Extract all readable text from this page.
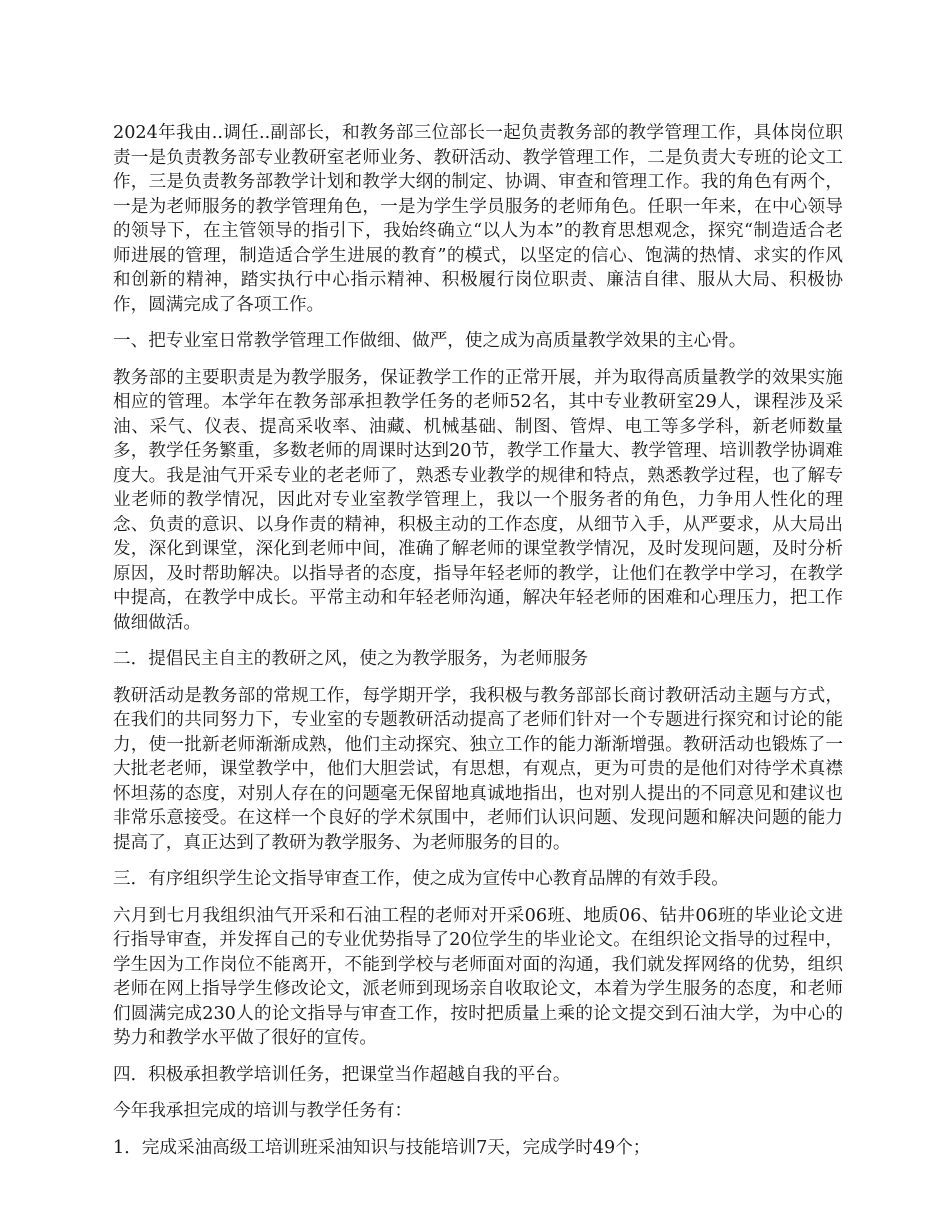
2024年我由..调任..副部长，和教务部三位部长一起负责教务部的教学管理工作，具体岗位职责一是负责教务部专业教研室老师业务、教研活动、教学管理工作，二是负责大专班的论文工作，三是负责教务部教学计划和教学大纲的制定、协调、审查和管理工作。我的角色有两个，一是为老师服务的教学管理角色，一是为学生学员服务的老师角色。任职一年来，在中心领导的领导下，在主管领导的指引下，我始终确立“以人为本”的教育思想观念，探究“制造适合老师进展的管理，制造适合学生进展的教育”的模式，以坚定的信心、饱满的热情、求实的作风和创新的精神，踏实执行中心指示精神、积极履行岗位职责、廉洁自律、服从大局、积极协作，圆满完成了各项工作。

一、把专业室日常教学管理工作做细、做严，使之成为高质量教学效果的主心骨。

教务部的主要职责是为教学服务，保证教学工作的正常开展，并为取得高质量教学的效果实施相应的管理。本学年在教务部承担教学任务的老师52名，其中专业教研室29人，课程涉及采油、采气、仪表、提高采收率、油藏、机械基础、制图、管焊、电工等多学科，新老师数量多，教学任务繁重，多数老师的周课时达到20节，教学工作量大、教学管理、培训教学协调难度大。我是油气开采专业的老老师了，熟悉专业教学的规律和特点，熟悉教学过程，也了解专业老师的教学情况，因此对专业室教学管理上，我以一个服务者的角色，力争用人性化的理念、负责的意识、以身作责的精神，积极主动的工作态度，从细节入手，从严要求，从大局出发，深化到课堂，深化到老师中间，准确了解老师的课堂教学情况，及时发现问题，及时分析原因，及时帮助解决。以指导者的态度，指导年轻老师的教学，让他们在教学中学习，在教学中提高，在教学中成长。平常主动和年轻老师沟通，解决年轻老师的困难和心理压力，把工作做细做活。

二．提倡民主自主的教研之风，使之为教学服务，为老师服务

教研活动是教务部的常规工作，每学期开学，我积极与教务部部长商讨教研活动主题与方式，在我们的共同努力下，专业室的专题教研活动提高了老师们针对一个专题进行探究和讨论的能力，使一批新老师渐渐成熟，他们主动探究、独立工作的能力渐渐增强。教研活动也锻炼了一大批老老师，课堂教学中，他们大胆尝试，有思想，有观点，更为可贵的是他们对待学术真襟怀坦荡的态度，对别人存在的问题毫无保留地真诚地指出，也对别人提出的不同意见和建议也非常乐意接受。在这样一个良好的学术氛围中，老师们认识问题、发现问题和解决问题的能力提高了，真正达到了教研为教学服务、为老师服务的目的。

三．有序组织学生论文指导审查工作，使之成为宣传中心教育品牌的有效手段。

六月到七月我组织油气开采和石油工程的老师对开采06班、地质06、钻井06班的毕业论文进行指导审查，并发挥自己的专业优势指导了20位学生的毕业论文。在组织论文指导的过程中，学生因为工作岗位不能离开，不能到学校与老师面对面的沟通，我们就发挥网络的优势，组织老师在网上指导学生修改论文，派老师到现场亲自收取论文，本着为学生服务的态度，和老师们圆满完成230人的论文指导与审查工作，按时把质量上乘的论文提交到石油大学，为中心的势力和教学水平做了很好的宣传。

四．积极承担教学培训任务，把课堂当作超越自我的平台。

今年我承担完成的培训与教学任务有：

1．完成采油高级工培训班采油知识与技能培训7天，完成学时49个；
